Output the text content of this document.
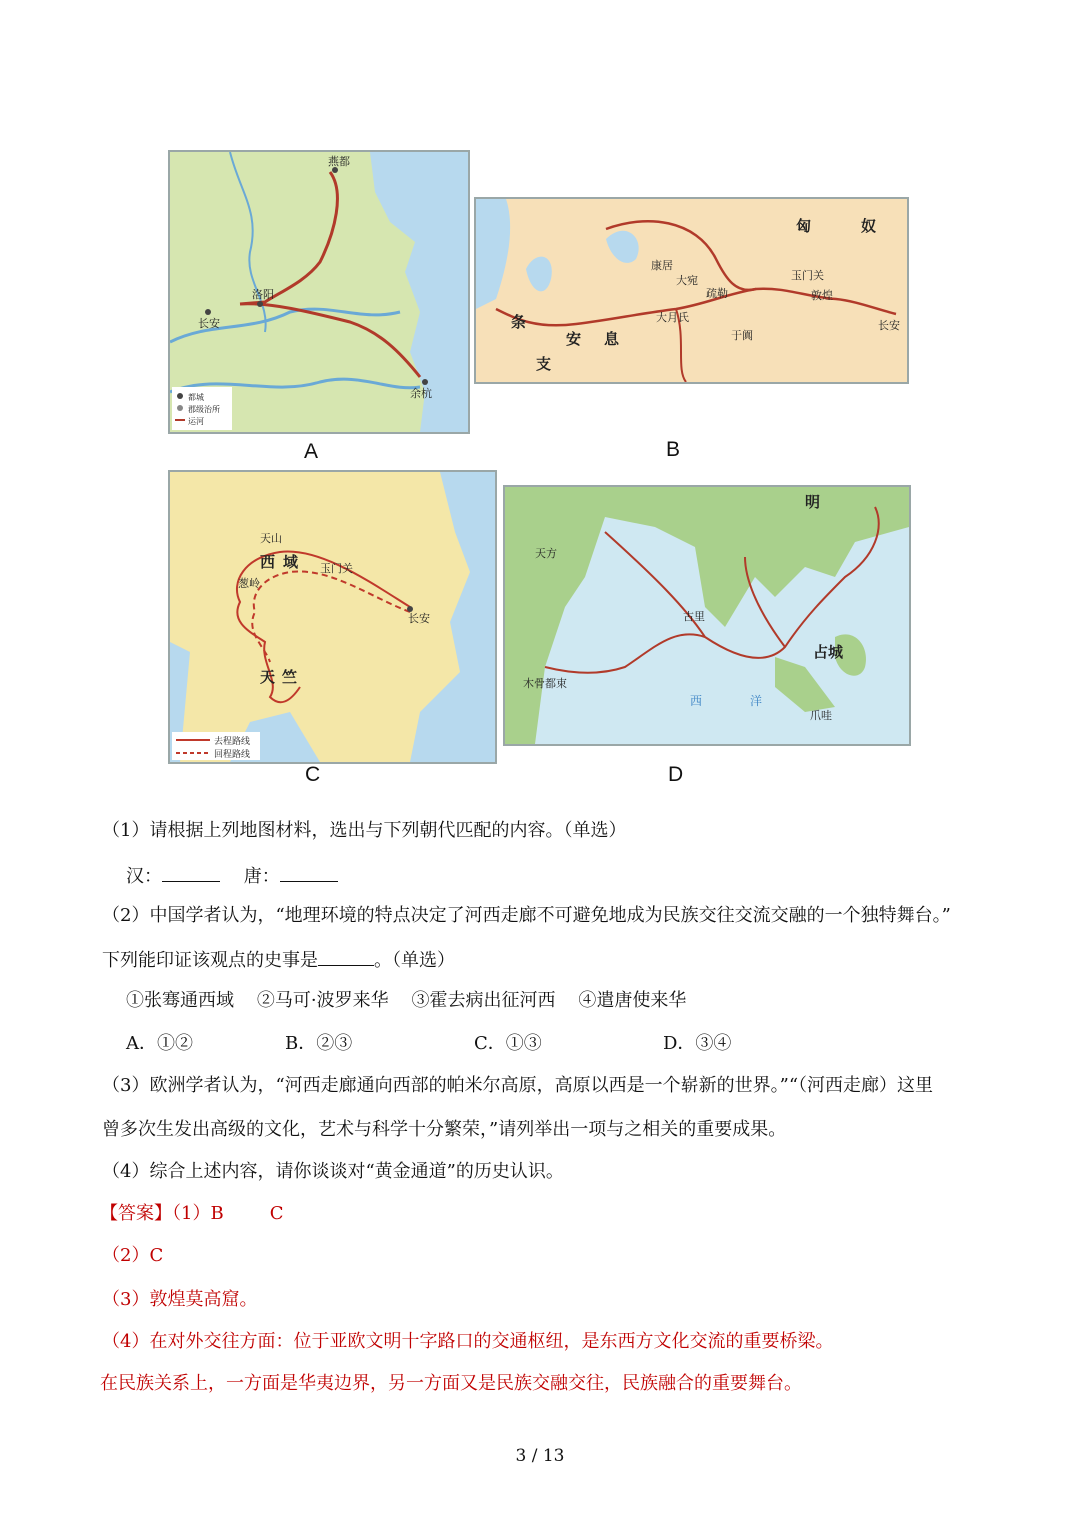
燕都
洛阳
长安
余杭
都城
郡级治所
运河
A
匈	奴
安 息
长安
玉门关
敦煌
大月氏
于阗
疏勒
康居
大宛
条
支
B
天山
西 域
葱岭
玉门关
长安
天 竺
去程路线
回程路线
C
明
古里
占城
爪哇
西	洋
木骨都束
天方
D
（1）请根据上列地图材料，选出与下列朝代匹配的内容。（单选）
汉：	唐：
（2）中国学者认为，“地理环境的特点决定了河西走廊不可避免地成为民族交往交流交融的一个独特舞台。”
下列能印证该观点的史事是	。（单选）
①张骞通西域    ②马可·波罗来华    ③霍去病出征河西    ④遣唐使来华
A．①②	B．②③	C．①③	D．③④
（3）欧洲学者认为，“河西走廊通向西部的帕米尔高原，高原以西是一个崭新的世界。”“（河西走廊）这里
曾多次生发出高级的文化，艺术与科学十分繁荣，”请列举出一项与之相关的重要成果。
（4）综合上述内容，请你谈谈对“黄金通道”的历史认识。
【答案】（1）B	C
（2）C
（3）敦煌莫高窟。
（4）在对外交往方面：位于亚欧文明十字路口的交通枢纽，是东西方文化交流的重要桥梁。
在民族关系上，一方面是华夷边界，另一方面又是民族交融交往，民族融合的重要舞台。
3 / 13
